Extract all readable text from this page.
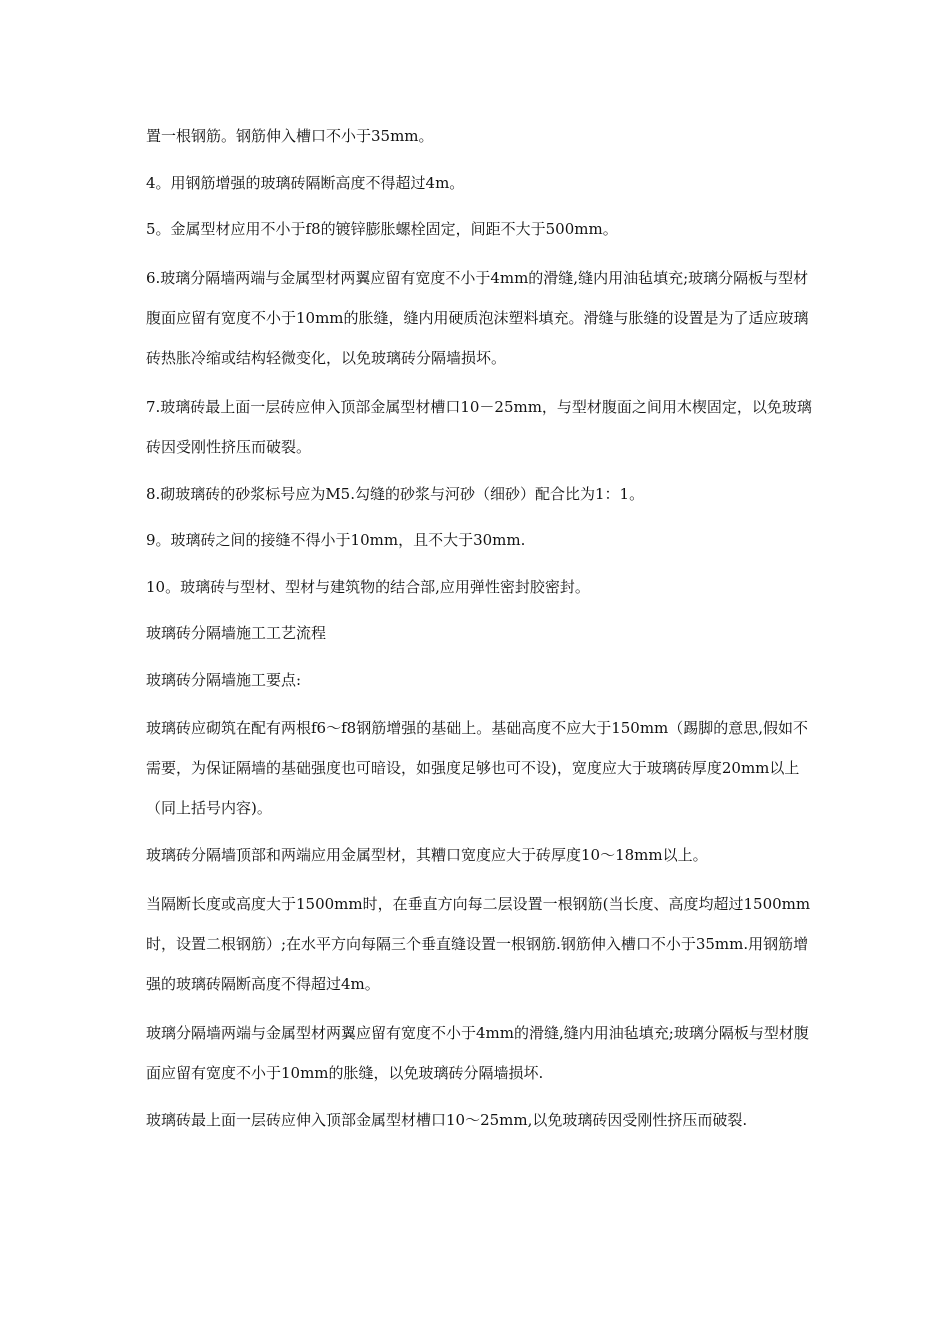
置一根钢筋。钢筋伸入槽口不小于35mm。

4。用钢筋增强的玻璃砖隔断高度不得超过4m。

5。金属型材应用不小于f8的镀锌膨胀螺栓固定，间距不大于500mm。

6.玻璃分隔墙两端与金属型材两翼应留有宽度不小于4mm的滑缝,缝内用油毡填充;玻璃分隔板与型材腹面应留有宽度不小于10mm的胀缝，缝内用硬质泡沫塑料填充。滑缝与胀缝的设置是为了适应玻璃砖热胀冷缩或结构轻微变化，以免玻璃砖分隔墙损坏。

7.玻璃砖最上面一层砖应伸入顶部金属型材槽口10－25mm，与型材腹面之间用木楔固定，以免玻璃砖因受刚性挤压而破裂。

8.砌玻璃砖的砂浆标号应为M5.勾缝的砂浆与河砂（细砂）配合比为1：1。

9。玻璃砖之间的接缝不得小于10mm，且不大于30mm.

10。玻璃砖与型材、型材与建筑物的结合部,应用弹性密封胶密封。

玻璃砖分隔墙施工工艺流程

玻璃砖分隔墙施工要点:

玻璃砖应砌筑在配有两根f6～f8钢筋增强的基础上。基础高度不应大于150mm（踢脚的意思,假如不需要，为保证隔墙的基础强度也可暗设，如强度足够也可不设)，宽度应大于玻璃砖厚度20mm以上（同上括号内容)。

玻璃砖分隔墙顶部和两端应用金属型材，其糟口宽度应大于砖厚度10～18mm以上。

当隔断长度或高度大于1500mm时，在垂直方向每二层设置一根钢筋(当长度、高度均超过1500mm时，设置二根钢筋）;在水平方向每隔三个垂直缝设置一根钢筋.钢筋伸入槽口不小于35mm.用钢筋增强的玻璃砖隔断高度不得超过4m。

玻璃分隔墙两端与金属型材两翼应留有宽度不小于4mm的滑缝,缝内用油毡填充;玻璃分隔板与型材腹面应留有宽度不小于10mm的胀缝，以免玻璃砖分隔墙损坏.

玻璃砖最上面一层砖应伸入顶部金属型材槽口10～25mm,以免玻璃砖因受刚性挤压而破裂.
